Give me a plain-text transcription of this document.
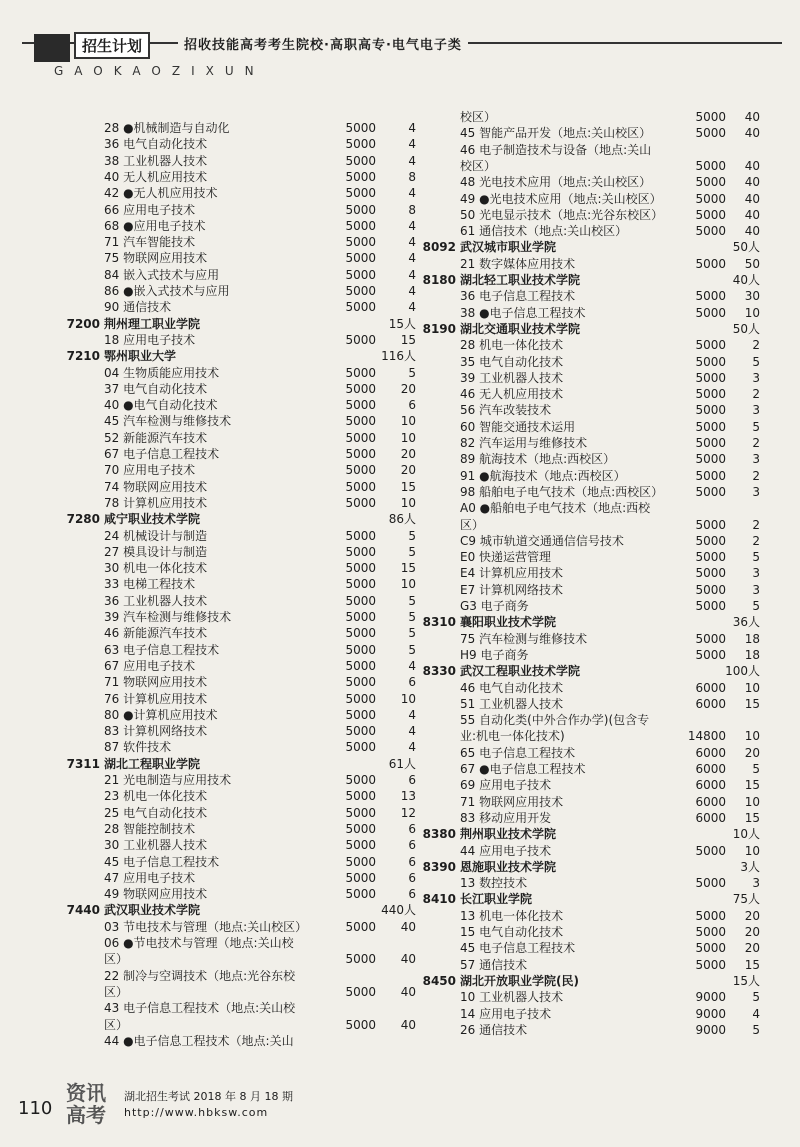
招生计划	招收技能高考考生院校·高职高专·电气电子类
GAOKAOZIXUN
28 ●机械制造与自动化	5000	4
36 电气自动化技术	5000	4
38 工业机器人技术	5000	4
40 无人机应用技术	5000	8
42 ●无人机应用技术	5000	4
66 应用电子技术	5000	8
68 ●应用电子技术	5000	4
71 汽车智能技术	5000	4
75 物联网应用技术	5000	4
84 嵌入式技术与应用	5000	4
86 ●嵌入式技术与应用	5000	4
90 通信技术	5000	4
7200 荆州理工职业学院	15人
18 应用电子技术	5000	15
7210 鄂州职业大学	116人
04 生物质能应用技术	5000	5
37 电气自动化技术	5000	20
40 ●电气自动化技术	5000	6
45 汽车检测与维修技术	5000	10
52 新能源汽车技术	5000	10
67 电子信息工程技术	5000	20
70 应用电子技术	5000	20
74 物联网应用技术	5000	15
78 计算机应用技术	5000	10
7280 咸宁职业技术学院	86人
24 机械设计与制造	5000	5
27 模具设计与制造	5000	5
30 机电一体化技术	5000	15
33 电梯工程技术	5000	10
36 工业机器人技术	5000	5
39 汽车检测与维修技术	5000	5
46 新能源汽车技术	5000	5
63 电子信息工程技术	5000	5
67 应用电子技术	5000	4
71 物联网应用技术	5000	6
76 计算机应用技术	5000	10
80 ●计算机应用技术	5000	4
83 计算机网络技术	5000	4
87 软件技术	5000	4
7311 湖北工程职业学院	61人
21 光电制造与应用技术	5000	6
23 机电一体化技术	5000	13
25 电气自动化技术	5000	12
28 智能控制技术	5000	6
30 工业机器人技术	5000	6
45 电子信息工程技术	5000	6
47 应用电子技术	5000	6
49 物联网应用技术	5000	6
7440 武汉职业技术学院	440人
03 节电技术与管理（地点:关山校区）	5000	40
06 ●节电技术与管理（地点:关山校
区）	5000	40
22 制冷与空调技术（地点:光谷东校
区）	5000	40
43 电子信息工程技术（地点:关山校
区）	5000	40
44 ●电子信息工程技术（地点:关山
校区）	5000	40
45 智能产品开发（地点:关山校区）	5000	40
46 电子制造技术与设备（地点:关山
校区）	5000	40
48 光电技术应用（地点:关山校区）	5000	40
49 ●光电技术应用（地点:关山校区）	5000	40
50 光电显示技术（地点:光谷东校区）	5000	40
61 通信技术（地点:关山校区）	5000	40
8092 武汉城市职业学院	50人
21 数字媒体应用技术	5000	50
8180 湖北轻工职业技术学院	40人
36 电子信息工程技术	5000	30
38 ●电子信息工程技术	5000	10
8190 湖北交通职业技术学院	50人
28 机电一体化技术	5000	2
35 电气自动化技术	5000	5
39 工业机器人技术	5000	3
46 无人机应用技术	5000	2
56 汽车改装技术	5000	3
60 智能交通技术运用	5000	5
82 汽车运用与维修技术	5000	2
89 航海技术（地点:西校区）	5000	3
91 ●航海技术（地点:西校区）	5000	2
98 船舶电子电气技术（地点:西校区）	5000	3
A0 ●船舶电子电气技术（地点:西校
区）	5000	2
C9 城市轨道交通通信信号技术	5000	2
E0 快递运营管理	5000	5
E4 计算机应用技术	5000	3
E7 计算机网络技术	5000	3
G3 电子商务	5000	5
8310 襄阳职业技术学院	36人
75 汽车检测与维修技术	5000	18
H9 电子商务	5000	18
8330 武汉工程职业技术学院	100人
46 电气自动化技术	6000	10
51 工业机器人技术	6000	15
55 自动化类(中外合作办学)(包含专
业:机电一体化技术)	14800	10
65 电子信息工程技术	6000	20
67 ●电子信息工程技术	6000	5
69 应用电子技术	6000	15
71 物联网应用技术	6000	10
83 移动应用开发	6000	15
8380 荆州职业技术学院	10人
44 应用电子技术	5000	10
8390 恩施职业技术学院	3人
13 数控技术	5000	3
8410 长江职业学院	75人
13 机电一体化技术	5000	20
15 电气自动化技术	5000	20
45 电子信息工程技术	5000	20
57 通信技术	5000	15
8450 湖北开放职业学院(民)	15人
10 工业机器人技术	9000	5
14 应用电子技术	9000	4
26 通信技术	9000	5
110
资讯 高考
湖北招生考试 2018 年 8 月 18 期
http://www.hbksw.com
